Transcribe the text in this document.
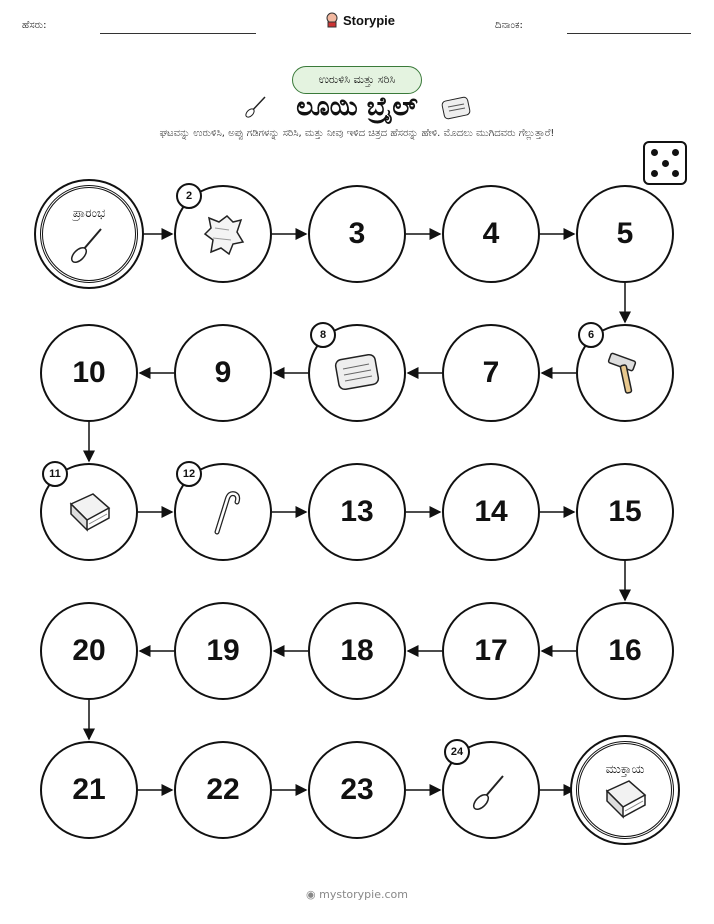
ಹೆಸರು:	Storypie	ದಿನಾಂಕ:
ಉರುಳಿಸಿ ಮತ್ತು ಸರಿಸಿ
ಲೂಯಿ ಬ್ರೈಲ್
ಘಟವನ್ನು ಉರುಳಿಸಿ, ಅಪ್ಪು ಗಡಿಗಳನ್ನು ಸರಿಸಿ, ಮತ್ತು ನೀವು ಇಳಿದ ಚಿತ್ರದ ಹೆಸರನ್ನು ಹೇಳಿ. ಮೊದಲು ಮುಗಿದವರು ಗೆಲ್ಲುತ್ತಾರೆ!
ಪ್ರಾರಂಭ
2
3	4	5
6
7
8
9
10
11	12
13	14	15
16
17
18
19
20
21	22	23
24
ಮುಕ್ತಾಯ
◉ mystorypie.com
